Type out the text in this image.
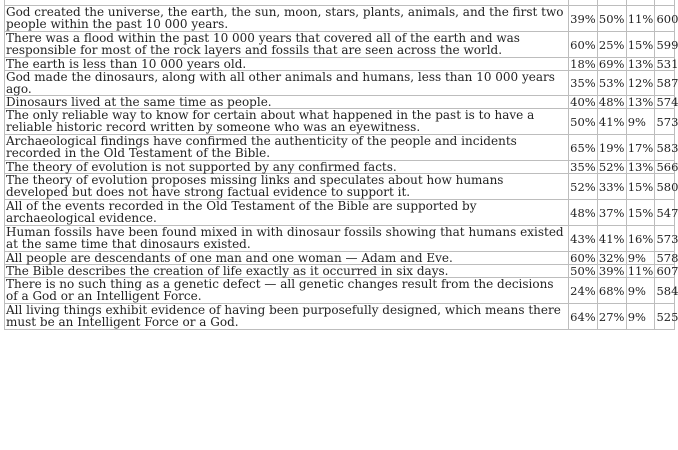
God created the universe, the earth, the sun, moon, stars, plants, animals, and the first two people within the past 10 000 years.	39%	50%	11%	600
There was a flood within the past 10 000 years that covered all of the earth and was responsible for most of the rock layers and fossils that are seen across the world.	60%	25%	15%	599
The earth is less than 10 000 years old.	18%	69%	13%	531
God made the dinosaurs, along with all other animals and humans, less than 10 000 years ago.	35%	53%	12%	587
Dinosaurs lived at the same time as people.	40%	48%	13%	574
The only reliable way to know for certain about what happened in the past is to have a reliable historic record written by someone who was an eyewitness.	50%	41%	9%	573
Archaeological findings have confirmed the authenticity of the people and incidents recorded in the Old Testament of the Bible.	65%	19%	17%	583
The theory of evolution is not supported by any confirmed facts.	35%	52%	13%	566
The theory of evolution proposes missing links and speculates about how humans developed but does not have strong factual evidence to support it.	52%	33%	15%	580
All of the events recorded in the Old Testament of the Bible are supported by archaeological evidence.	48%	37%	15%	547
Human fossils have been found mixed in with dinosaur fossils showing that humans existed at the same time that dinosaurs existed.	43%	41%	16%	573
All people are descendants of one man and one woman — Adam and Eve.	60%	32%	9%	578
The Bible describes the creation of life exactly as it occurred in six days.	50%	39%	11%	607
There is no such thing as a genetic defect — all genetic changes result from the decisions of a God or an Intelligent Force.	24%	68%	9%	584
All living things exhibit evidence of having been purposefully designed, which means there must be an Intelligent Force or a God.	64%	27%	9%	525
